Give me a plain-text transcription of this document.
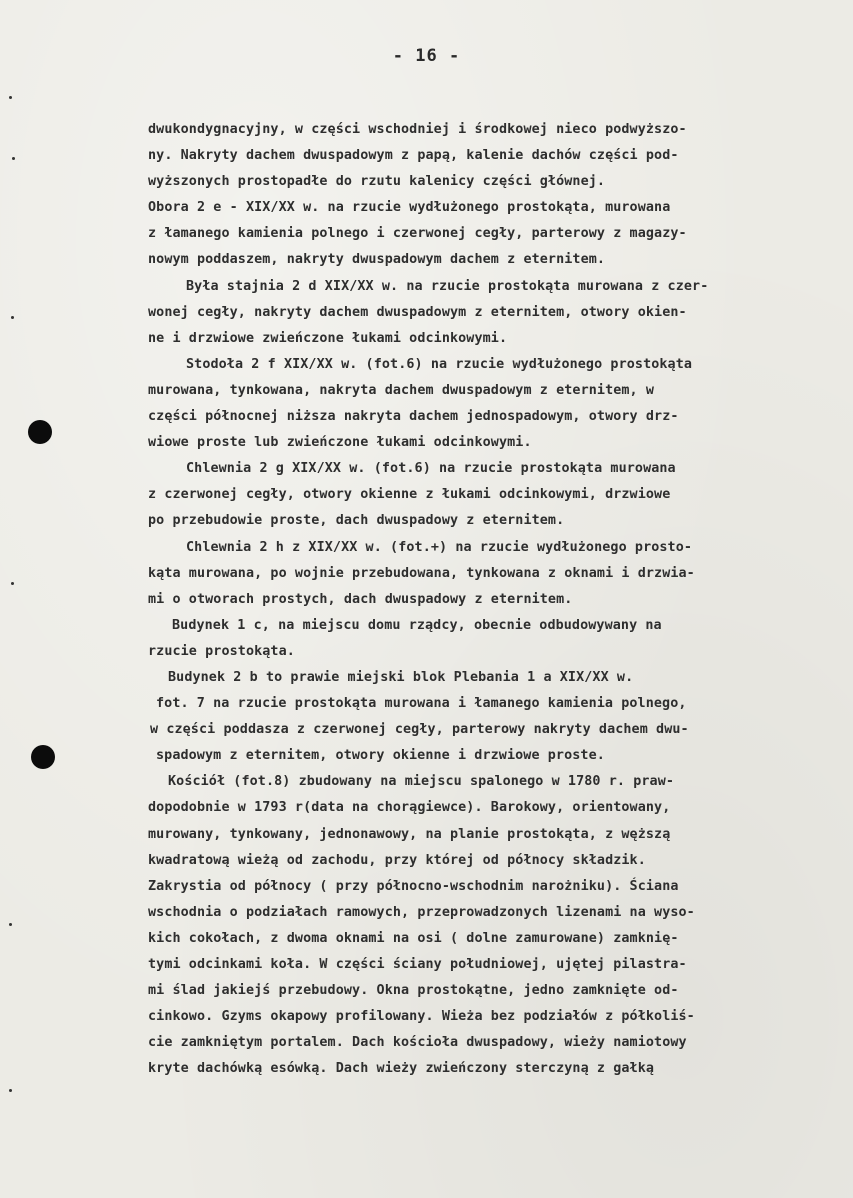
- 16 -
dwukondygnacyjny, w części wschodniej i środkowej nieco podwyższo-
ny. Nakryty dachem dwuspadowym z papą, kalenie dachów części pod-
wyższonych prostopadłe do rzutu kalenicy części głównej.
Obora 2 e - XIX/XX w. na rzucie wydłużonego prostokąta, murowana
z łamanego kamienia polnego i czerwonej cegły, parterowy z magazy-
nowym poddaszem, nakryty dwuspadowym dachem z eternitem.
Była stajnia 2 d XIX/XX w. na rzucie prostokąta murowana z czer-
wonej cegły, nakryty dachem dwuspadowym z eternitem, otwory okien-
ne i drzwiowe zwieńczone łukami odcinkowymi.
Stodoła 2 f XIX/XX w. (fot.6) na rzucie wydłużonego prostokąta
murowana, tynkowana, nakryta dachem dwuspadowym z eternitem, w
części północnej niższa nakryta dachem jednospadowym, otwory drz-
wiowe proste lub zwieńczone łukami odcinkowymi.
Chlewnia 2 g XIX/XX w. (fot.6) na rzucie prostokąta murowana
z czerwonej cegły, otwory okienne z łukami odcinkowymi, drzwiowe
po przebudowie proste, dach dwuspadowy z eternitem.
Chlewnia 2 h z XIX/XX w. (fot.+) na rzucie wydłużonego prosto-
kąta murowana, po wojnie przebudowana, tynkowana z oknami i drzwia-
mi o otworach prostych, dach dwuspadowy z eternitem.
Budynek 1 c, na miejscu domu rządcy, obecnie odbudowywany na
rzucie prostokąta.
Budynek 2 b to prawie miejski blok Plebania 1 a XIX/XX w.
fot. 7 na rzucie prostokąta murowana i łamanego kamienia polnego,
w części poddasza z czerwonej cegły, parterowy nakryty dachem dwu-
spadowym z eternitem, otwory okienne i drzwiowe proste.
Kościół (fot.8) zbudowany na miejscu spalonego w 1780 r. praw-
dopodobnie w 1793 r(data na chorągiewce). Barokowy, orientowany,
murowany, tynkowany, jednonawowy, na planie prostokąta, z węższą
kwadratową wieżą od zachodu, przy której od północy składzik.
Zakrystia od północy ( przy północno-wschodnim narożniku). Ściana
wschodnia o podziałach ramowych, przeprowadzonych lizenami na wyso-
kich cokołach, z dwoma oknami na osi ( dolne zamurowane) zamknię-
tymi odcinkami koła. W części ściany południowej, ujętej pilastra-
mi ślad jakiejś przebudowy. Okna prostokątne, jedno zamknięte od-
cinkowo. Gzyms okapowy profilowany. Wieża bez podziałów z półkoliś-
cie zamkniętym portalem. Dach kościoła dwuspadowy, wieży namiotowy
kryte dachówką esówką. Dach wieży zwieńczony sterczyną z gałką
